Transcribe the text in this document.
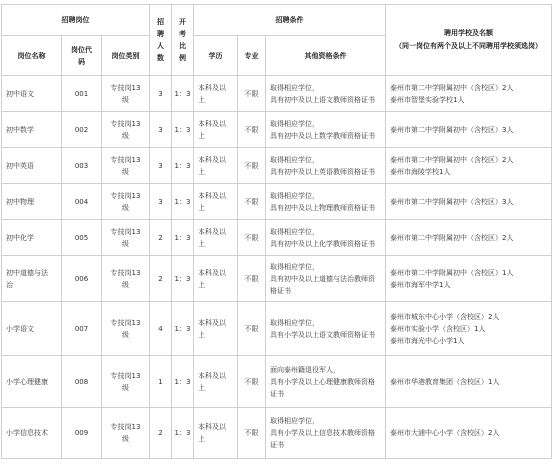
招聘岗位			招
聘
人
数	开
考
比
例	招聘条件			聘用学校及名额
（同一岗位有两个及以上不同聘用学校须选岗）

岗位名称	岗位代
码	岗位类别			学历	专业	其他资格条件	

初中语文	001	专技岗13
级	3	1：3	本科及以
上	不限	取得相应学位，
具有初中及以上语文教师资格证书	泰州市第二中学附属初中（含校区）2人
泰州市智堡实验学校1人

初中数学	002	专技岗13
级	3	1：3	本科及以
上	不限	取得相应学位，
具有初中及以上数学教师资格证书	泰州市第二中学附属初中（含校区）3人

初中英语	003	专技岗13
级	3	1：3	本科及以
上	不限	取得相应学位，
具有初中及以上英语教师资格证书	泰州市第二中学附属初中（含校区）2人
泰州市海陵学校1人

初中物理	004	专技岗13
级	3	1：3	本科及以
上	不限	取得相应学位，
具有初中及以上物理教师资格证书	泰州市第二中学附属初中（含校区）3人

初中化学	005	专技岗13
级	2	1：3	本科及以
上	不限	取得相应学位，
具有初中及以上化学教师资格证书	泰州市第二中学附属初中（含校区）2人

初中道德与法
治	006	专技岗13
级	2	1：3	本科及以
上	不限	取得相应学位，
具有初中及以上道德与法治教师资
格证书	泰州市第二中学附属初中（含校区）1人
泰州市海军中学1人

小学语文	007	专技岗13
级	4	1：3	本科及以
上	不限	取得相应学位，
具有小学及以上语文教师资格证书	泰州市城东中心小学（含校区）2人
泰州市实验小学（含校区）1人
泰州市海光中心小学1人

小学心理健康	008	专技岗13
级	1	1：3	本科及以
上	不限	面向泰州籍退役军人，
具有小学及以上心理健康教师资格
证书	泰州市华港教育集团（含校区）1人

小学信息技术	009	专技岗13
级	2	1：3	本科及以
上	不限	取得相应学位，
具有小学及以上信息技术教师资格
证书	泰州市大浦中心小学（含校区）2人
